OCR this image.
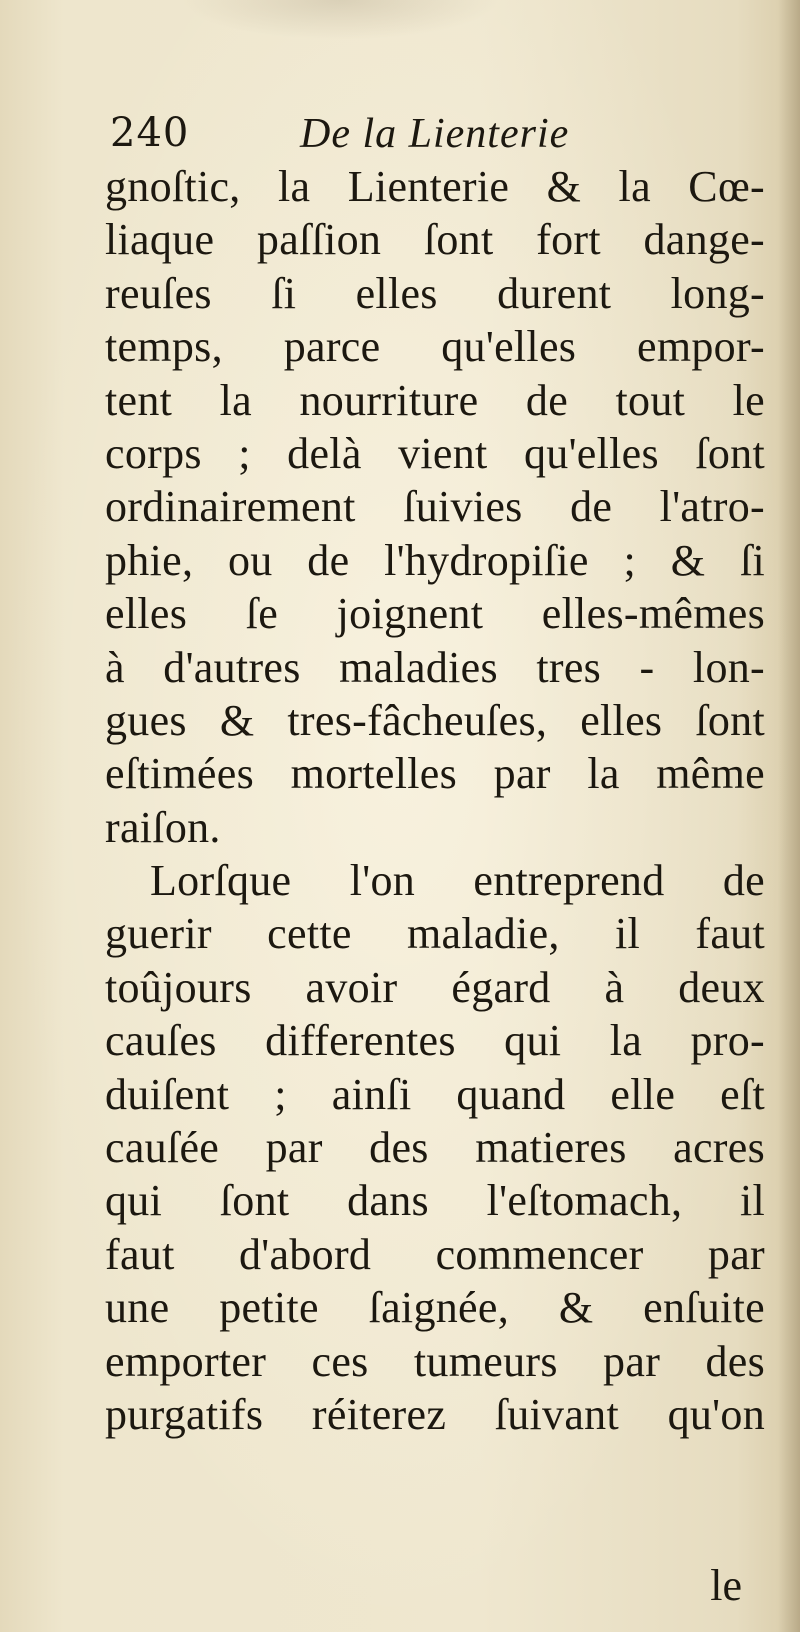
240	De la Lienterie
gnoſtic, la Lienterie & la Cœ-
liaque paſſion ſont fort dange-
reuſes ſi elles durent long-
temps, parce qu'elles empor-
tent la nourriture de tout le
corps ; delà vient qu'elles ſont
ordinairement ſuivies de l'atro-
phie, ou de l'hydropiſie ; & ſi
elles ſe joignent elles-mêmes
à d'autres maladies tres - lon-
gues & tres-fâcheuſes, elles ſont
eſtimées mortelles par la même
raiſon.
Lorſque l'on entreprend de
guerir cette maladie, il faut
toûjours avoir égard à deux
cauſes differentes qui la pro-
duiſent ; ainſi quand elle eſt
cauſée par des matieres acres
qui ſont dans l'eſtomach, il
faut d'abord commencer par
une petite ſaignée, & enſuite
emporter ces tumeurs par des
purgatifs réiterez ſuivant qu'on
le
